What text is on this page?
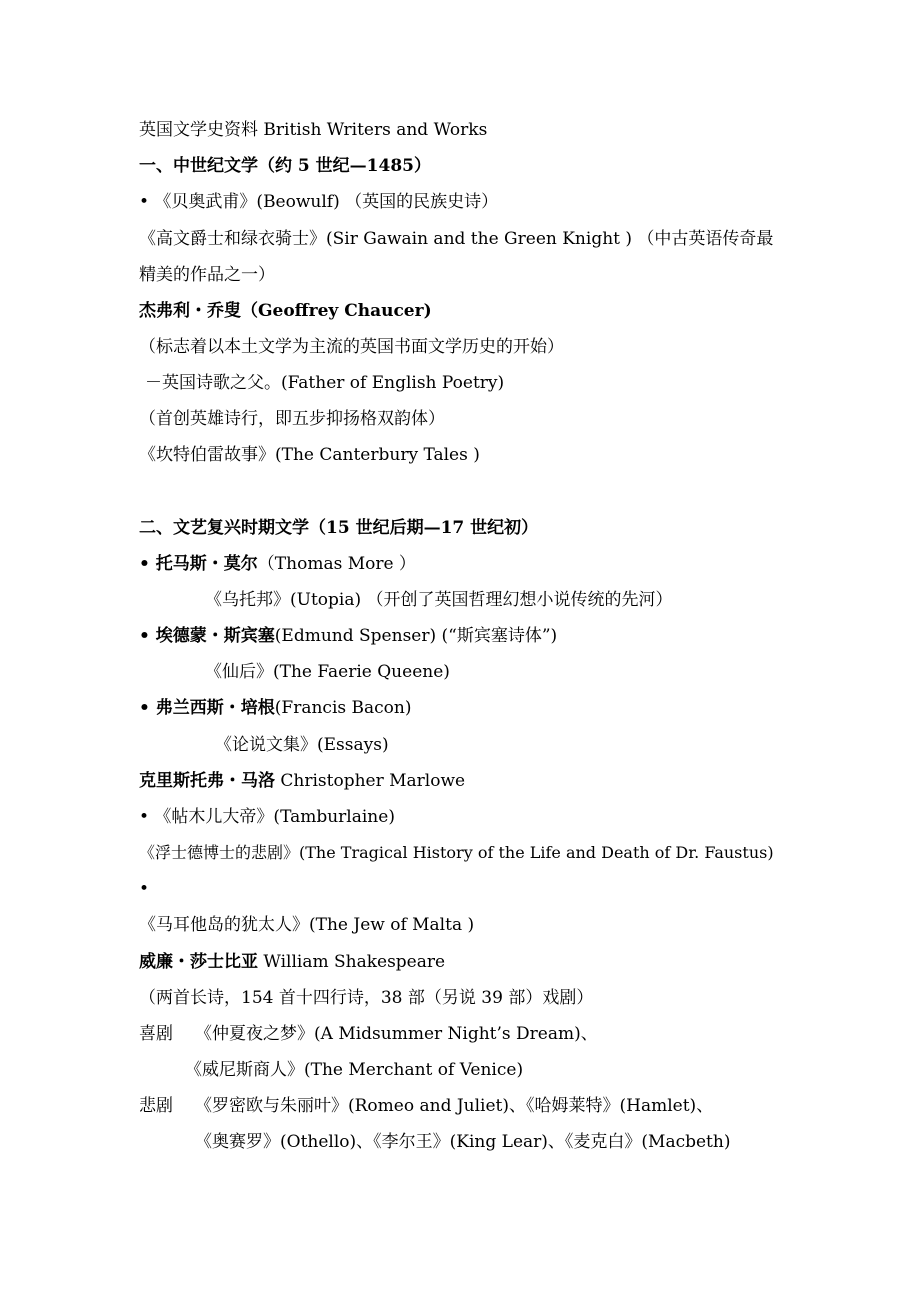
英国文学史资料 British Writers and Works
一、中世纪文学（约 5 世纪—1485）
• 《贝奥武甫》(Beowulf) （英国的民族史诗）
《高文爵士和绿衣骑士》(Sir Gawain and the Green Knight ) （中古英语传奇最
精美的作品之一）
杰弗利・乔叟（Geoffrey Chaucer)
（标志着以本土文学为主流的英国书面文学历史的开始）
－英国诗歌之父。(Father of English Poetry)
（首创英雄诗行，即五步抑扬格双韵体）
《坎特伯雷故事》(The Canterbury Tales )
二、文艺复兴时期文学（15 世纪后期—17 世纪初）
• 托马斯・莫尔（Thomas More ）
《乌托邦》(Utopia) （开创了英国哲理幻想小说传统的先河）
• 埃德蒙・斯宾塞(Edmund Spenser) (“斯宾塞诗体”)
《仙后》(The Faerie Queene)
• 弗兰西斯・培根(Francis Bacon)
《论说文集》(Essays)
克里斯托弗・马洛 Christopher Marlowe
• 《帖木儿大帝》(Tamburlaine)
《浮士德博士的悲剧》(The Tragical History of the Life and Death of Dr. Faustus)
•
《马耳他岛的犹太人》(The Jew of Malta )
威廉・莎士比亚 William Shakespeare
（两首长诗，154 首十四行诗，38 部（另说 39 部）戏剧）
喜剧 《仲夏夜之梦》(A Midsummer Night’s Dream)、
《威尼斯商人》(The Merchant of Venice)
悲剧 《罗密欧与朱丽叶》(Romeo and Juliet)、《哈姆莱特》(Hamlet)、
《奥赛罗》(Othello)、《李尔王》(King Lear)、《麦克白》(Macbeth)
